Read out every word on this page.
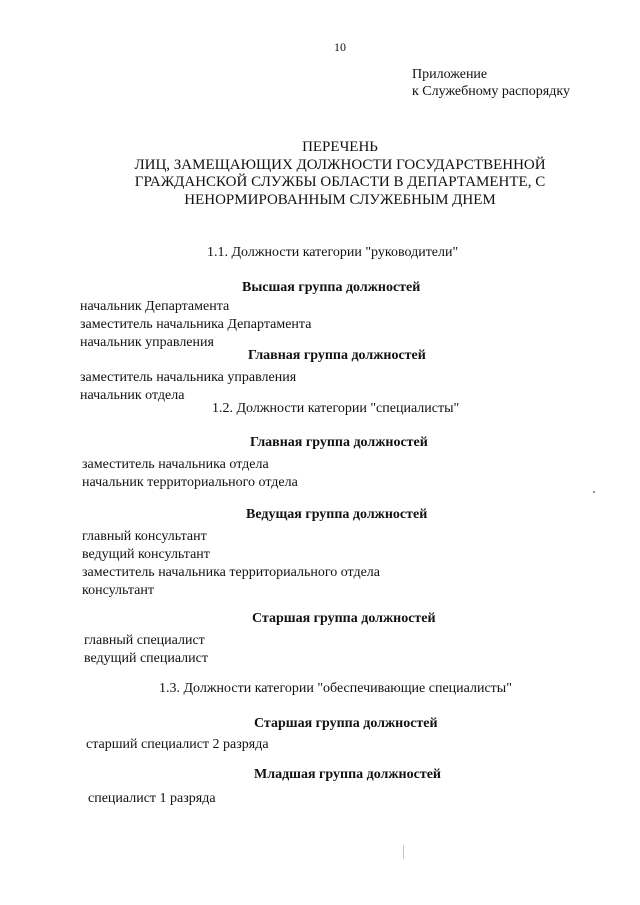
10
Приложение
к Служебному распорядку
ПЕРЕЧЕНЬ
ЛИЦ, ЗАМЕЩАЮЩИХ ДОЛЖНОСТИ ГОСУДАРСТВЕННОЙ
ГРАЖДАНСКОЙ СЛУЖБЫ ОБЛАСТИ В ДЕПАРТАМЕНТЕ, С
НЕНОРМИРОВАННЫМ СЛУЖЕБНЫМ ДНЕМ
1.1. Должности категории "руководители"
Высшая группа должностей
начальник Департамента
заместитель начальника Департамента
начальник управления
Главная группа должностей
заместитель начальника управления
начальник отдела
1.2. Должности категории "специалисты"
Главная группа должностей
заместитель начальника отдела
начальник территориального отдела
Ведущая группа должностей
главный консультант
ведущий консультант
заместитель начальника территориального отдела
консультант
Старшая группа должностей
главный специалист
ведущий специалист
1.3. Должности категории "обеспечивающие специалисты"
Старшая группа должностей
старший специалист 2 разряда
Младшая группа должностей
специалист 1 разряда
